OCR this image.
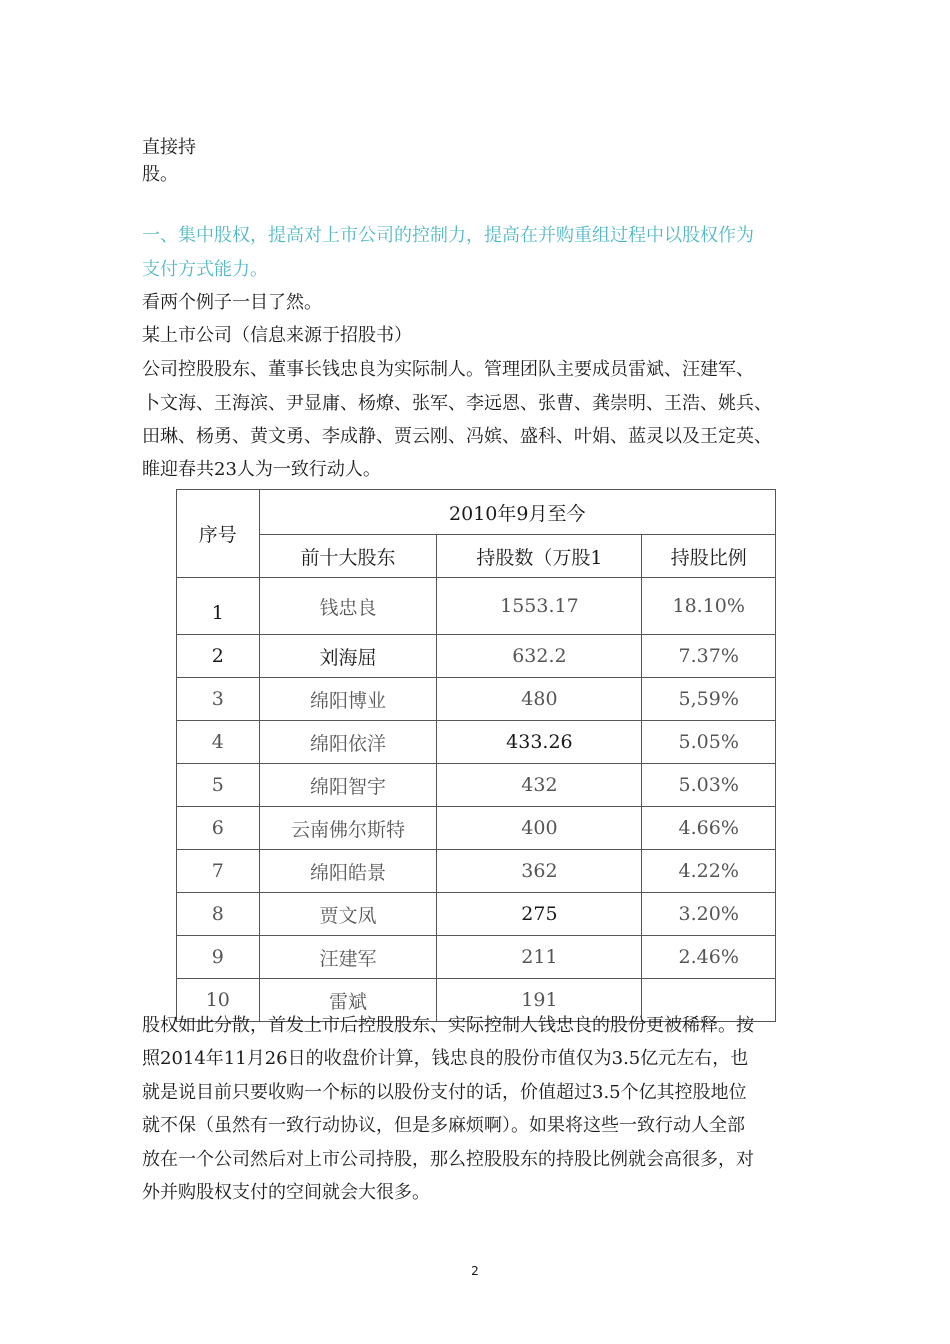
直接持
股。
一、集中股权，提高对上市公司的控制力，提高在并购重组过程中以股权作为
支付方式能力。
看两个例子一目了然。
某上市公司（信息来源于招股书）
公司控股股东、董事长钱忠良为实际制人。管理团队主要成员雷斌、汪建军、
卜文海、王海滨、尹显庸、杨燎、张军、李远恩、张曹、龚崇明、王浩、姚兵、
田琳、杨勇、黄文勇、李成静、贾云刚、冯嫔、盛科、叶娟、蓝灵以及王定英、
睢迎春共23人为一致行动人。
序号	2010年9月至今		
	前十大股东	持股数（万股1	持股比例
1	钱忠良	1553.17	18.10%
2	刘海屈	632.2	7.37%
3	绵阳博业	480	5,59%
4	绵阳依洋	433.26	5.05%
5	绵阳智宇	432	5.03%
6	云南佛尔斯特	400	4.66%
7	绵阳皓景	362	4.22%
8	贾文凤	275	3.20%
9	汪建军	211	2.46%
10	雷斌	191	
股权如此分散，首发上市后控股股东、实际控制人钱忠良的股份更被稀释。按
照2014年11月26日的收盘价计算，钱忠良的股份市值仅为3.5亿元左右，也
就是说目前只要收购一个标的以股份支付的话，价值超过3.5个亿其控股地位
就不保（虽然有一致行动协议，但是多麻烦啊）。如果将这些一致行动人全部
放在一个公司然后对上市公司持股，那么控股股东的持股比例就会高很多，对
外并购股权支付的空间就会大很多。
2
